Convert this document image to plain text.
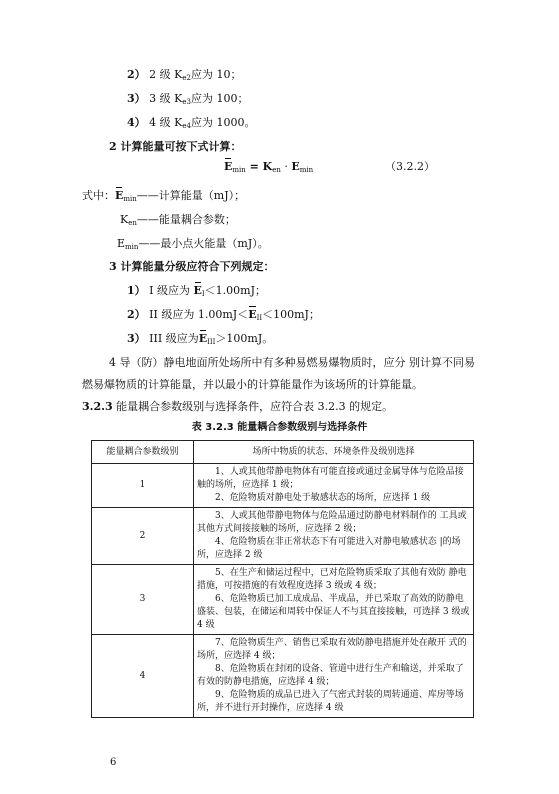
2） 2 级 $K_{e2}$应为 10；
3） 3 级 $K_{e3}$应为 100；
4） 4 级 $K_{e4}$应为 1000。
2 计算能量可按下式计算：
$E_{min} = K_{en} \cdot E_{min}$	（3.2.2）
式中：$E_{min}——$计算能量（mJ）；
$K_{en}——$能量耦合参数；
$E_{min}——$最小点火能量（mJ）。
3 计算能量分级应符合下列规定：
1） I 级应为 $E_I<1.00mJ$；
2） II 级应为 $1.00mJ<E_{II}<100mJ$；
3） III 级应为$E_{III}>100mJ$。
4 导（防）静电地面所处场所中有多种易燃易爆物质时，应分 别计算不同易
燃易爆物质的计算能量，并以最小的计算能量作为该场所的计算能量。
3.2.3 能量耦合参数级别与选择条件，应符合表 3.2.3 的规定。
表 3.2.3 能量耦合参数级别与选择条件
能量耦合参数级别	场所中物质的状态、环境条件及级别选择
1	1、人或其他带静电物体有可能直接或通过金属导体与危险品接触的场所，应选择 1 级；
2、危险物质对静电处于敏感状态的场所，应选择 1 级

2	3、人或其他带静电物体与危险品通过防静电材料制作的 工具或其他方式间接接触的场所，应选择 2 级；
4、危险物质在非正常状态下有可能进入对静电敏感状态 |的场所，应选择 2 级

3	5、在生产和储运过程中，已对危险物质采取了其他有效防 静电措施，可按措施的有效程度选择 3 级或 4 级；
6、危险物质已加工成成品、半成品，并已采取了高效的防静电盛装、包装，在储运和周转中保证人不与其直接接触，可选择 3 级或 4 级

4	7、危险物质生产、销售已采取有效防静电措施并处在敞开 式的场所，应选择 4 级；
8、危险物质在封闭的设备、管道中进行生产和输送，并采取了有效的防静电措施，应选择 4 级；
9、危险物质的成品已进入了气密式封装的周转通道、库房等场所，并不进行开封操作，应选择 4 级
6
